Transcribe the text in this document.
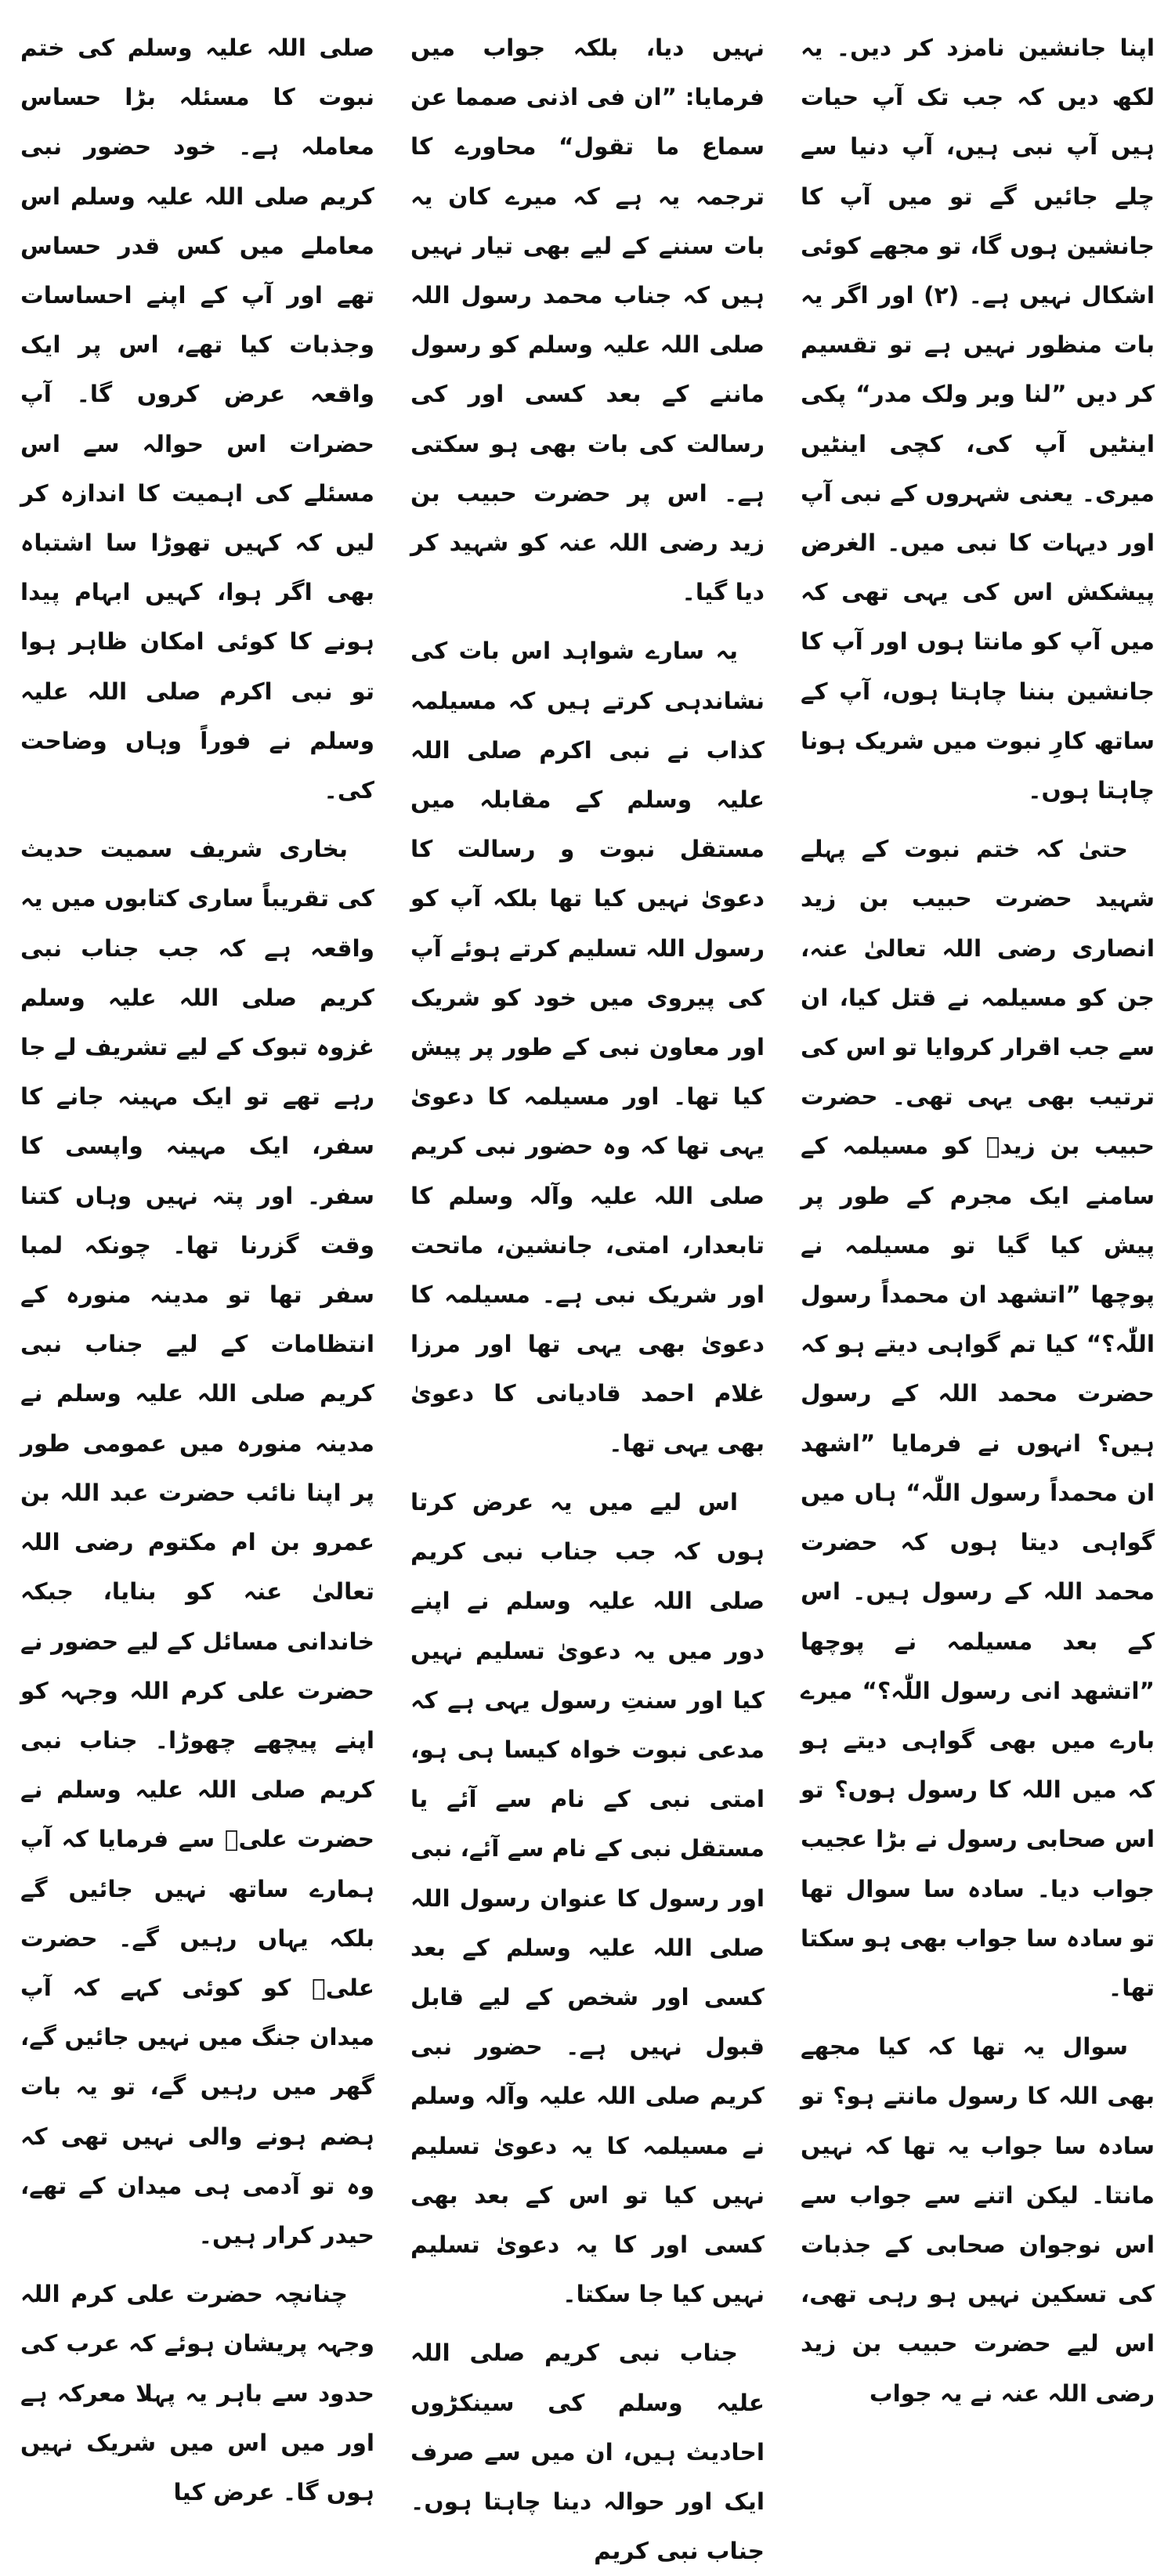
اپنا جانشین نامزد کر دیں۔ یہ لکھ دیں کہ جب تک آپ حیات ہیں آپ نبی ہیں، آپ دنیا سے چلے جائیں گے تو میں آپ کا جانشین ہوں گا، تو مجھے کوئی اشکال نہیں ہے۔ (۲) اور اگر یہ بات منظور نہیں ہے تو تقسیم کر دیں ”لنا وبر ولک مدر“ پکی اینٹیں آپ کی، کچی اینٹیں میری۔ یعنی شہروں کے نبی آپ اور دیہات کا نبی میں۔ الغرض پیشکش اس کی یہی تھی کہ میں آپ کو مانتا ہوں اور آپ کا جانشین بننا چاہتا ہوں، آپ کے ساتھ کارِ نبوت میں شریک ہونا چاہتا ہوں۔

حتیٰ کہ ختم نبوت کے پہلے شہید حضرت حبیب بن زید انصاری رضی اللہ تعالیٰ عنہ، جن کو مسیلمہ نے قتل کیا، ان سے جب اقرار کروایا تو اس کی ترتیب بھی یہی تھی۔ حضرت حبیب بن زیدؓ کو مسیلمہ کے سامنے ایک مجرم کے طور پر پیش کیا گیا تو مسیلمہ نے پوچھا ”اتشھد ان محمداً رسول اللّٰہ؟“ کیا تم گواہی دیتے ہو کہ حضرت محمد اللہ کے رسول ہیں؟ انہوں نے فرمایا ”اشھد ان محمداً رسول اللّٰہ“ ہاں میں گواہی دیتا ہوں کہ حضرت محمد اللہ کے رسول ہیں۔ اس کے بعد مسیلمہ نے پوچھا ”اتشھد انی رسول اللّٰہ؟“ میرے بارے میں بھی گواہی دیتے ہو کہ میں اللہ کا رسول ہوں؟ تو اس صحابی رسول نے بڑا عجیب جواب دیا۔ سادہ سا سوال تھا تو سادہ سا جواب بھی ہو سکتا تھا۔

سوال یہ تھا کہ کیا مجھے بھی اللہ کا رسول مانتے ہو؟ تو سادہ سا جواب یہ تھا کہ نہیں مانتا۔ لیکن اتنے سے جواب سے اس نوجوان صحابی کے جذبات کی تسکین نہیں ہو رہی تھی، اس لیے حضرت حبیب بن زید رضی اللہ عنہ نے یہ جواب

نہیں دیا، بلکہ جواب میں فرمایا: ”ان فی اذنی صمما عن سماع ما تقول“ محاورے کا ترجمہ یہ ہے کہ میرے کان یہ بات سننے کے لیے بھی تیار نہیں ہیں کہ جناب محمد رسول اللہ صلی اللہ علیہ وسلم کو رسول ماننے کے بعد کسی اور کی رسالت کی بات بھی ہو سکتی ہے۔ اس پر حضرت حبیب بن زید رضی اللہ عنہ کو شہید کر دیا گیا۔

یہ سارے شواہد اس بات کی نشاندہی کرتے ہیں کہ مسیلمہ کذاب نے نبی اکرم صلی اللہ علیہ وسلم کے مقابلہ میں مستقل نبوت و رسالت کا دعویٰ نہیں کیا تھا بلکہ آپ کو رسول اللہ تسلیم کرتے ہوئے آپ کی پیروی میں خود کو شریک اور معاون نبی کے طور پر پیش کیا تھا۔ اور مسیلمہ کا دعویٰ یہی تھا کہ وہ حضور نبی کریم صلی اللہ علیہ وآلہ وسلم کا تابعدار، امتی، جانشین، ماتحت اور شریک نبی ہے۔ مسیلمہ کا دعویٰ بھی یہی تھا اور مرزا غلام احمد قادیانی کا دعویٰ بھی یہی تھا۔

اس لیے میں یہ عرض کرتا ہوں کہ جب جناب نبی کریم صلی اللہ علیہ وسلم نے اپنے دور میں یہ دعویٰ تسلیم نہیں کیا اور سنتِ رسول یہی ہے کہ مدعی نبوت خواہ کیسا ہی ہو، امتی نبی کے نام سے آئے یا مستقل نبی کے نام سے آئے، نبی اور رسول کا عنوان رسول اللہ صلی اللہ علیہ وسلم کے بعد کسی اور شخص کے لیے قابل قبول نہیں ہے۔ حضور نبی کریم صلی اللہ علیہ وآلہ وسلم نے مسیلمہ کا یہ دعویٰ تسلیم نہیں کیا تو اس کے بعد بھی کسی اور کا یہ دعویٰ تسلیم نہیں کیا جا سکتا۔

جناب نبی کریم صلی اللہ علیہ وسلم کی سینکڑوں احادیث ہیں، ان میں سے صرف ایک اور حوالہ دینا چاہتا ہوں۔ جناب نبی کریم

صلی اللہ علیہ وسلم کی ختم نبوت کا مسئلہ بڑا حساس معاملہ ہے۔ خود حضور نبی کریم صلی اللہ علیہ وسلم اس معاملے میں کس قدر حساس تھے اور آپ کے اپنے احساسات وجذبات کیا تھے، اس پر ایک واقعہ عرض کروں گا۔ آپ حضرات اس حوالہ سے اس مسئلے کی اہمیت کا اندازہ کر لیں کہ کہیں تھوڑا سا اشتباہ بھی اگر ہوا، کہیں ابہام پیدا ہونے کا کوئی امکان ظاہر ہوا تو نبی اکرم صلی اللہ علیہ وسلم نے فوراً وہاں وضاحت کی۔

بخاری شریف سمیت حدیث کی تقریباً ساری کتابوں میں یہ واقعہ ہے کہ جب جناب نبی کریم صلی اللہ علیہ وسلم غزوہ تبوک کے لیے تشریف لے جا رہے تھے تو ایک مہینہ جانے کا سفر، ایک مہینہ واپسی کا سفر۔ اور پتہ نہیں وہاں کتنا وقت گزرنا تھا۔ چونکہ لمبا سفر تھا تو مدینہ منورہ کے انتظامات کے لیے جناب نبی کریم صلی اللہ علیہ وسلم نے مدینہ منورہ میں عمومی طور پر اپنا نائب حضرت عبد اللہ بن عمرو بن ام مکتوم رضی اللہ تعالیٰ عنہ کو بنایا، جبکہ خاندانی مسائل کے لیے حضور نے حضرت علی کرم اللہ وجہہ کو اپنے پیچھے چھوڑا۔ جناب نبی کریم صلی اللہ علیہ وسلم نے حضرت علیؓ سے فرمایا کہ آپ ہمارے ساتھ نہیں جائیں گے بلکہ یہاں رہیں گے۔ حضرت علیؓ کو کوئی کہے کہ آپ میدان جنگ میں نہیں جائیں گے، گھر میں رہیں گے، تو یہ بات ہضم ہونے والی نہیں تھی کہ وہ تو آدمی ہی میدان کے تھے، حیدر کرار ہیں۔

چنانچہ حضرت علی کرم اللہ وجہہ پریشان ہوئے کہ عرب کی حدود سے باہر یہ پہلا معرکہ ہے اور میں اس میں شریک نہیں ہوں گا۔ عرض کیا
